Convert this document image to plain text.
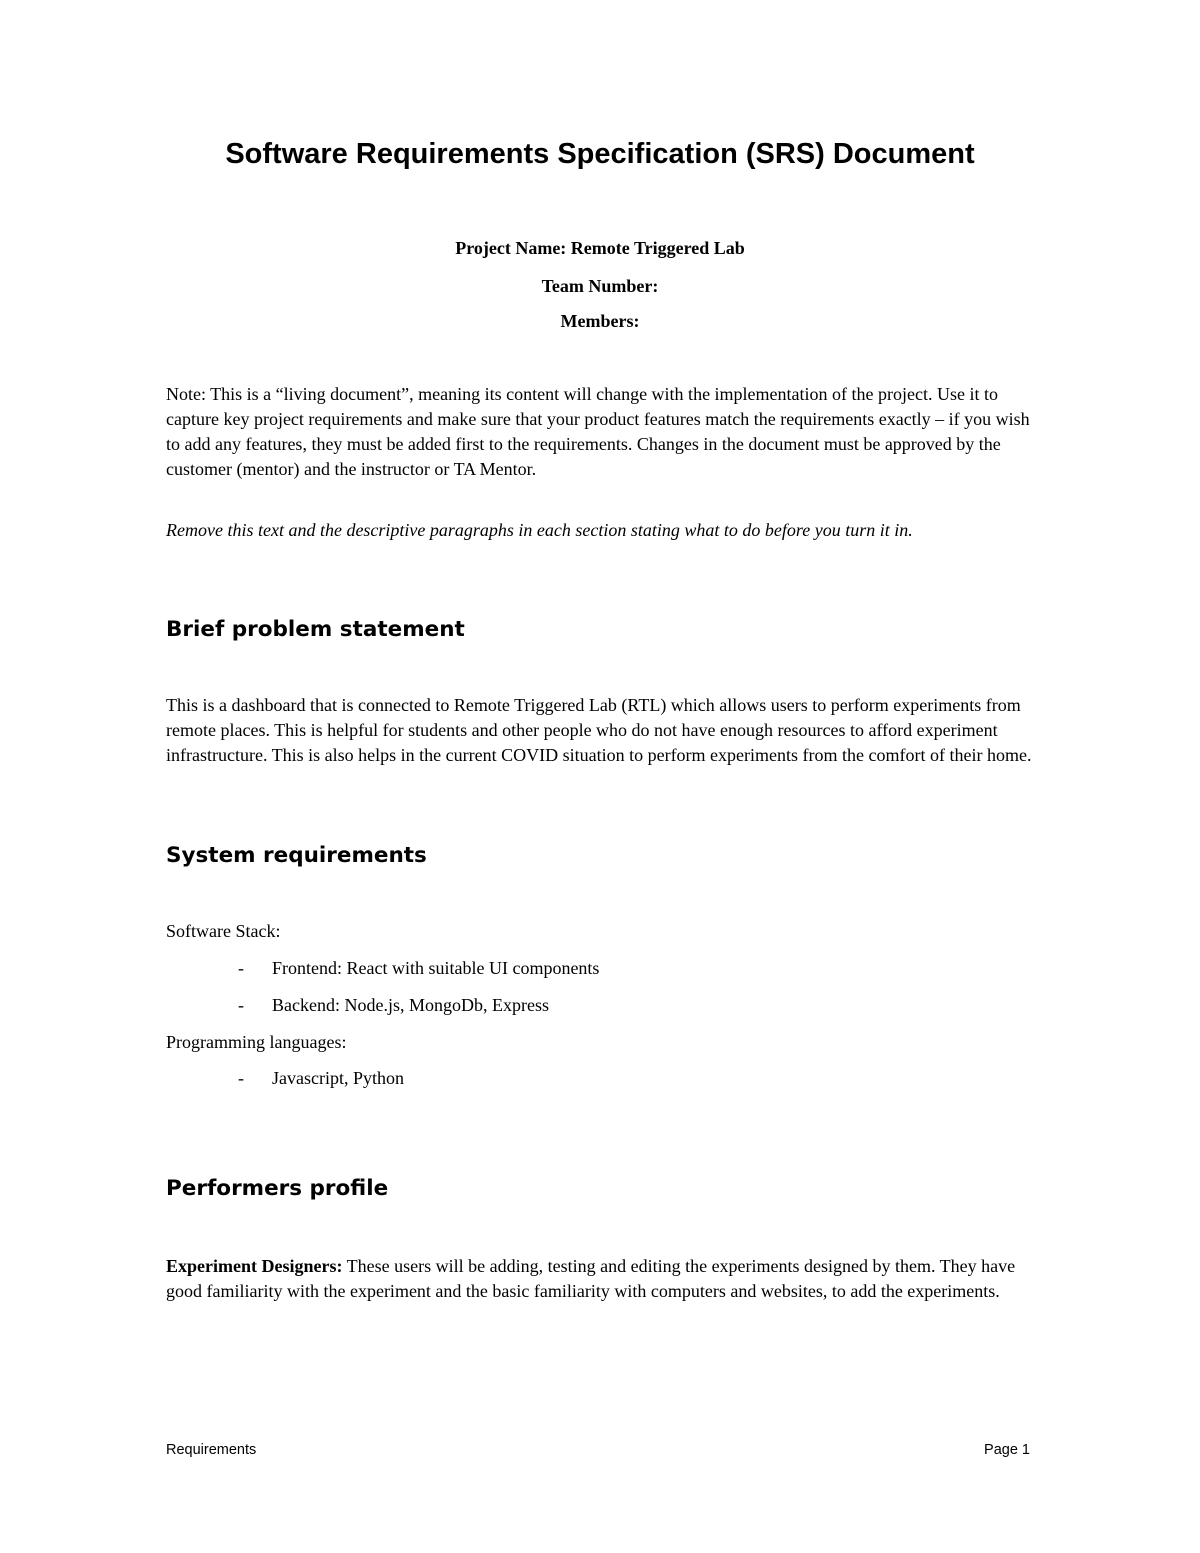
Software Requirements Specification (SRS) Document
Project Name: Remote Triggered Lab
Team Number:
Members:
Note: This is a “living document”, meaning its content will change with the implementation of the project. Use it to capture key project requirements and make sure that your product features match the requirements exactly – if you wish to add any features, they must be added first to the requirements. Changes in the document must be approved by the customer (mentor) and the instructor or TA Mentor.
Remove this text and the descriptive paragraphs in each section stating what to do before you turn it in.
Brief problem statement
This is a dashboard that is connected to Remote Triggered Lab (RTL) which allows users to perform experiments from remote places. This is helpful for students and other people who do not have enough resources to afford experiment infrastructure. This is also helps in the current COVID situation to perform experiments from the comfort of their home.
System requirements
Software Stack:
- Frontend: React with suitable UI components
- Backend: Node.js, MongoDb, Express
Programming languages:
- Javascript, Python
Performers profile
Experiment Designers: These users will be adding, testing and editing the experiments designed by them. They have good familiarity with the experiment and the basic familiarity with computers and websites, to add the experiments.
Requirements	Page 1
